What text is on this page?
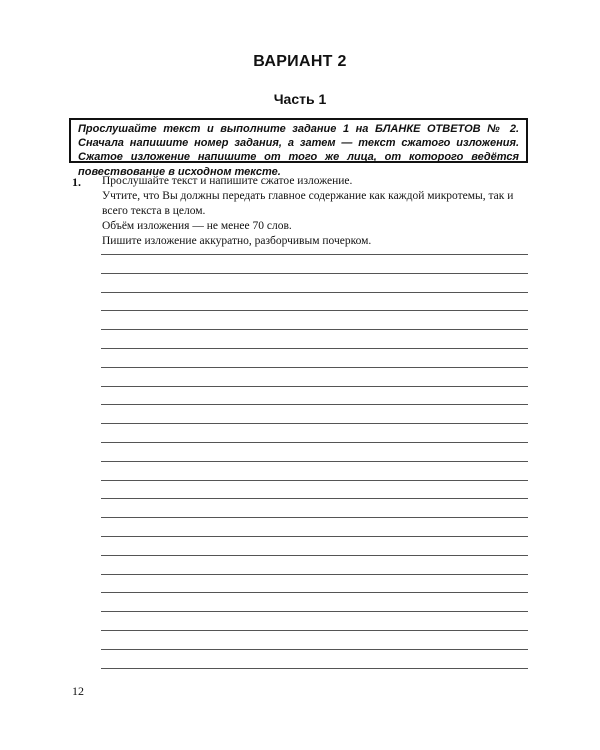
ВАРИАНТ 2
Часть 1

Прослушайте текст и выполните задание 1 на БЛАНКЕ ОТВЕТОВ № 2. Сначала напишите номер задания, а затем — текст сжатого изложения. Сжатое изложение напишите от того же лица, от которого ведётся повествование в исходном тексте.

1. Прослушайте текст и напишите сжатое изложение.

Учтите, что Вы должны передать главное содержание как каждой микротемы, так и всего текста в целом.

Объём изложения — не менее 70 слов.

Пишите изложение аккуратно, разборчивым почерком.

12
